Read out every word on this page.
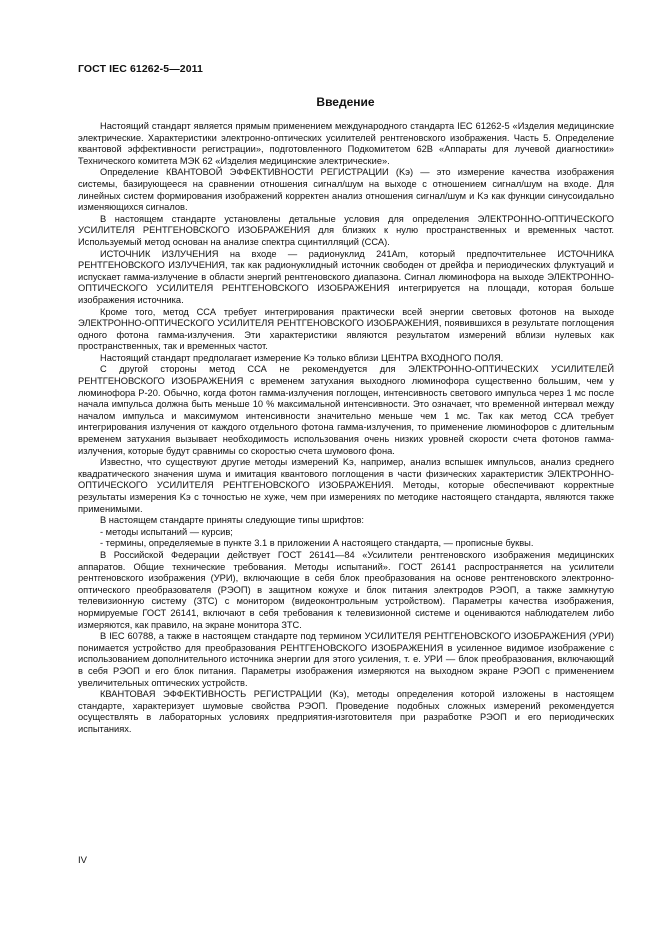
ГОСТ IEC 61262-5—2011
Введение

Настоящий стандарт является прямым применением международного стандарта IEC 61262-5 «Изделия медицинские электрические. Характеристики электронно-оптических усилителей рентгеновского изображения. Часть 5. Определение квантовой эффективности регистрации», подготовленного Подкомитетом 62В «Аппараты для лучевой диагностики» Технического комитета МЭК 62 «Изделия медицинские электрические».

Определение КВАНТОВОЙ ЭФФЕКТИВНОСТИ РЕГИСТРАЦИИ (Kэ) — это измерение качества изображения системы, базирующееся на сравнении отношения сигнал/шум на выходе с отношением сигнал/шум на входе. Для линейных систем формирования изображений корректен анализ отношения сигнал/шум и Kэ как функции синусоидально изменяющихся сигналов.

В настоящем стандарте установлены детальные условия для определения ЭЛЕКТРОННО-ОПТИЧЕСКОГО УСИЛИТЕЛЯ РЕНТГЕНОВСКОГО ИЗОБРАЖЕНИЯ для близких к нулю пространственных и временных частот. Используемый метод основан на анализе спектра сцинтилляций (ССА).

ИСТОЧНИК ИЗЛУЧЕНИЯ на входе — радионуклид 241Am, который предпочтительнее ИСТОЧНИКА РЕНТГЕНОВСКОГО ИЗЛУЧЕНИЯ, так как радионуклидный источник свободен от дрейфа и периодических флуктуаций и испускает гамма-излучение в области энергий рентгеновского диапазона. Сигнал люминофора на выходе ЭЛЕКТРОННО-ОПТИЧЕСКОГО УСИЛИТЕЛЯ РЕНТГЕНОВСКОГО ИЗОБРАЖЕНИЯ интегрируется на площади, которая больше изображения источника.

Кроме того, метод ССА требует интегрирования практически всей энергии световых фотонов на выходе ЭЛЕКТРОННО-ОПТИЧЕСКОГО УСИЛИТЕЛЯ РЕНТГЕНОВСКОГО ИЗОБРАЖЕНИЯ, появившихся в результате поглощения одного фотона гамма-излучения. Эти характеристики являются результатом измерений вблизи нулевых как пространственных, так и временных частот.

Настоящий стандарт предполагает измерение Kэ только вблизи ЦЕНТРА ВХОДНОГО ПОЛЯ.

С другой стороны метод ССА не рекомендуется для ЭЛЕКТРОННО-ОПТИЧЕСКИХ УСИЛИТЕЛЕЙ РЕНТГЕНОВСКОГО ИЗОБРАЖЕНИЯ с временем затухания выходного люминофора существенно большим, чем у люминофора Р-20. Обычно, когда фотон гамма-излучения поглощен, интенсивность светового импульса через 1 мс после начала импульса должна быть меньше 10 % максимальной интенсивности. Это означает, что временной интервал между началом импульса и максимумом интенсивности значительно меньше чем 1 мс. Так как метод ССА требует интегрирования излучения от каждого отдельного фотона гамма-излучения, то применение люминофоров с длительным временем затухания вызывает необходимость использования очень низких уровней скорости счета фотонов гамма-излучения, которые будут сравнимы со скоростью счета шумового фона.

Известно, что существуют другие методы измерений Kэ, например, анализ вспышек импульсов, анализ среднего квадратического значения шума и имитация квантового поглощения в части физических характеристик ЭЛЕКТРОННО-ОПТИЧЕСКОГО УСИЛИТЕЛЯ РЕНТГЕНОВСКОГО ИЗОБРАЖЕНИЯ. Методы, которые обеспечивают корректные результаты измерения Kэ с точностью не хуже, чем при измерениях по методике настоящего стандарта, являются также применимыми.

В настоящем стандарте приняты следующие типы шрифтов:

- методы испытаний — курсив;

- термины, определяемые в пункте 3.1 в приложении А настоящего стандарта, — прописные буквы.

В Российской Федерации действует ГОСТ 26141—84 «Усилители рентгеновского изображения медицинских аппаратов. Общие технические требования. Методы испытаний». ГОСТ 26141 распространяется на усилители рентгеновского изображения (УРИ), включающие в себя блок преобразования на основе рентгеновского электронно-оптического преобразователя (РЭОП) в защитном кожухе и блок питания электродов РЭОП, а также замкнутую телевизионную систему (ЗТС) с монитором (видеоконтрольным устройством). Параметры качества изображения, нормируемые ГОСТ 26141, включают в себя требования к телевизионной системе и оцениваются наблюдателем либо измеряются, как правило, на экране монитора ЗТС.

В IEC 60788, а также в настоящем стандарте под термином УСИЛИТЕЛЯ РЕНТГЕНОВСКОГО ИЗОБРАЖЕНИЯ (УРИ) понимается устройство для преобразования РЕНТГЕНОВСКОГО ИЗОБРАЖЕНИЯ в усиленное видимое изображение с использованием дополнительного источника энергии для этого усиления, т. е. УРИ — блок преобразования, включающий в себя РЭОП и его блок питания. Параметры изображения измеряются на выходном экране РЭОП с применением увеличительных оптических устройств.

КВАНТОВАЯ ЭФФЕКТИВНОСТЬ РЕГИСТРАЦИИ (Kэ), методы определения которой изложены в настоящем стандарте, характеризует шумовые свойства РЭОП. Проведение подобных сложных измерений рекомендуется осуществлять в лабораторных условиях предприятия-изготовителя при разработке РЭОП и его периодических испытаниях.

IV
